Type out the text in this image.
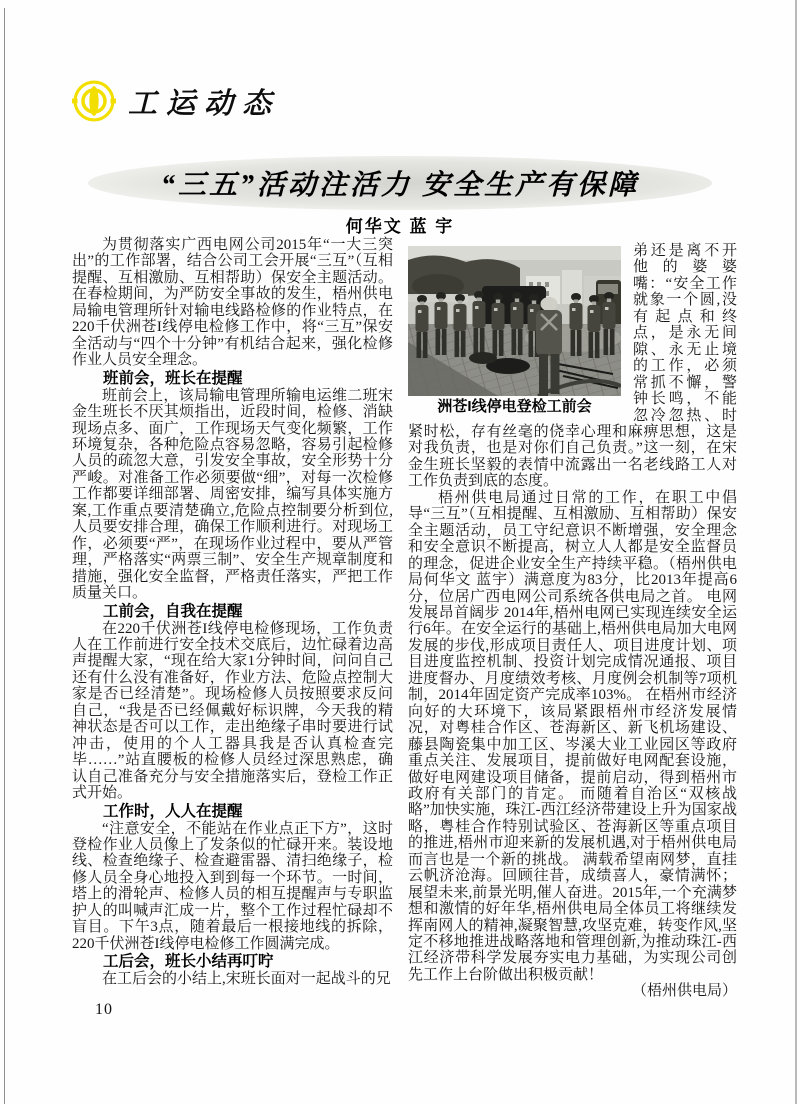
工运动态
“三五”活动注活力 安全生产有保障
何华文 蓝 宇

为贯彻落实广西电网公司2015年“一大三突出”的工作部署，结合公司工会开展“三互”（互相提醒、互相激励、互相帮助）保安全主题活动。在春检期间，为严防安全事故的发生，梧州供电局输电管理所针对输电线路检修的作业特点，在220千伏洲苍I线停电检修工作中，将“三互”保安全活动与“四个十分钟”有机结合起来，强化检修作业人员安全理念。

班前会，班长在提醒

班前会上，该局输电管理所输电运维二班宋金生班长不厌其烦指出，近段时间，检修、消缺现场点多、面广，工作现场天气变化频繁，工作环境复杂，各种危险点容易忽略，容易引起检修人员的疏忽大意，引发安全事故，安全形势十分严峻。对准备工作必须要做“细”，对每一次检修工作都要详细部署、周密安排，编写具体实施方案,工作重点要清楚确立,危险点控制要分析到位,人员要安排合理，确保工作顺利进行。对现场工作，必须要“严”，在现场作业过程中，要从严管理，严格落实“两票三制”、安全生产规章制度和措施，强化安全监督，严格责任落实，严把工作质量关口。

工前会，自我在提醒

在220千伏洲苍I线停电检修现场，工作负责人在工作前进行安全技术交底后，边忙碌着边高声提醒大家，“现在给大家1分钟时间，问问自己还有什么没有准备好，作业方法、危险点控制大家是否已经清楚”。现场检修人员按照要求反问自己，“我是否已经佩戴好标识牌，今天我的精神状态是否可以工作，走出绝缘子串时要进行试冲击，使用的个人工器具我是否认真检查完毕……”站直腰板的检修人员经过深思熟虑，确认自己准备充分与安全措施落实后，登检工作正式开始。

工作时，人人在提醒

“注意安全，不能站在作业点正下方”，这时登检作业人员像上了发条似的忙碌开来。装设地线、检查绝缘子、检查避雷器、清扫绝缘子，检修人员全身心地投入到到每一个环节。一时间，塔上的滑轮声、检修人员的相互提醒声与专职监护人的叫喊声汇成一片，整个工作过程忙碌却不盲目。下午3点，随着最后一根接地线的拆除，220千伏洲苍I线停电检修工作圆满完成。

工后会，班长小结再叮咛

在工后会的小结上,宋班长面对一起战斗的兄

洲苍I线停电登检工前会

弟还是离不开他的婆婆嘴：“安全工作就象一个圆,没有起点和终点，是永无间隙、永无止境的工作，必须常抓不懈，警钟长鸣，不能忽冷忽热、时紧时松，存有丝毫的侥幸心理和麻痹思想，这是对我负责，也是对你们自己负责。”这一刻，在宋金生班长坚毅的表情中流露出一名老线路工人对工作负责到底的态度。

梧州供电局通过日常的工作，在职工中倡导“三互”（互相提醒、互相激励、互相帮助）保安全主题活动，员工守纪意识不断增强，安全理念和安全意识不断提高，树立人人都是安全监督员的理念，促进企业安全生产持续平稳。（梧州供电局何华文 蓝宇）满意度为83分，比2013年提高6分，位居广西电网公司系统各供电局之首。 电网发展昂首阔步 2014年,梧州电网已实现连续安全运行6年。在安全运行的基础上,梧州供电局加大电网发展的步伐,形成项目责任人、项目进度计划、项目进度监控机制、投资计划完成情况通报、项目进度督办、月度绩效考核、月度例会机制等7项机制，2014年固定资产完成率103%。 在梧州市经济向好的大环境下，该局紧跟梧州市经济发展情况，对粤桂合作区、苍海新区、新飞机场建设、藤县陶瓷集中加工区、岑溪大业工业园区等政府重点关注、发展项目，提前做好电网配套设施，做好电网建设项目储备，提前启动，得到梧州市政府有关部门的肯定。 而随着自治区“双核战略”加快实施，珠江-西江经济带建设上升为国家战略，粤桂合作特别试验区、苍海新区等重点项目的推进,梧州市迎来新的发展机遇,对于梧州供电局而言也是一个新的挑战。 满载希望南网梦，直挂云帆济沧海。回顾往昔，成绩喜人，豪情满怀；展望未来,前景光明,催人奋进。2015年,一个充满梦想和激情的好年华,梧州供电局全体员工将继续发挥南网人的精神,凝聚智慧,攻坚克难，转变作风,坚定不移地推进战略落地和管理创新,为推动珠江-西江经济带科学发展夯实电力基础，为实现公司创先工作上台阶做出积极贡献！
（梧州供电局）

10
